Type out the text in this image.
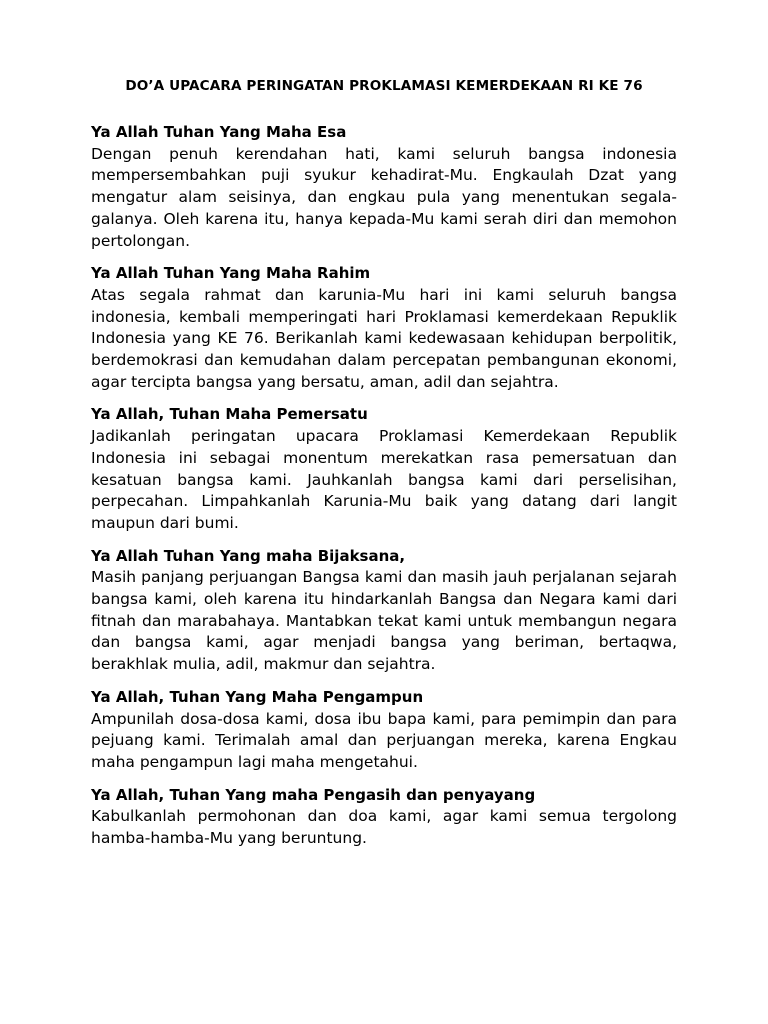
DO’A UPACARA PERINGATAN PROKLAMASI KEMERDEKAAN RI KE 76

Ya Allah Tuhan Yang Maha Esa

Dengan penuh kerendahan hati, kami seluruh bangsa indonesia mempersembahkan puji syukur kehadirat-Mu. Engkaulah Dzat yang mengatur alam seisinya, dan engkau pula yang menentukan segala-galanya. Oleh karena itu, hanya kepada-Mu kami serah diri dan memohon pertolongan.

Ya Allah Tuhan Yang Maha Rahim

Atas segala rahmat dan karunia-Mu hari ini kami seluruh bangsa indonesia, kembali memperingati hari Proklamasi kemerdekaan Repuklik Indonesia yang KE 76. Berikanlah kami kedewasaan kehidupan berpolitik, berdemokrasi dan kemudahan dalam percepatan pembangunan ekonomi, agar tercipta bangsa yang bersatu, aman, adil dan sejahtra.

Ya Allah, Tuhan Maha Pemersatu

Jadikanlah peringatan upacara Proklamasi Kemerdekaan Republik Indonesia ini sebagai monentum merekatkan rasa pemersatuan dan kesatuan bangsa kami. Jauhkanlah bangsa kami dari perselisihan, perpecahan. Limpahkanlah Karunia-Mu baik yang datang dari langit maupun dari bumi.

Ya Allah Tuhan Yang maha Bijaksana,

Masih panjang perjuangan Bangsa kami dan masih jauh perjalanan sejarah bangsa kami, oleh karena itu hindarkanlah Bangsa dan Negara kami dari fitnah dan marabahaya. Mantabkan tekat kami untuk membangun negara dan bangsa kami, agar menjadi bangsa yang beriman, bertaqwa, berakhlak mulia, adil, makmur dan sejahtra.

Ya Allah, Tuhan Yang Maha Pengampun

Ampunilah dosa-dosa kami, dosa ibu bapa kami, para pemimpin dan para pejuang kami. Terimalah amal dan perjuangan mereka, karena Engkau maha pengampun lagi maha mengetahui.

Ya Allah, Tuhan Yang maha Pengasih dan penyayang

Kabulkanlah permohonan dan doa kami, agar kami semua tergolong hamba-hamba-Mu yang beruntung.
